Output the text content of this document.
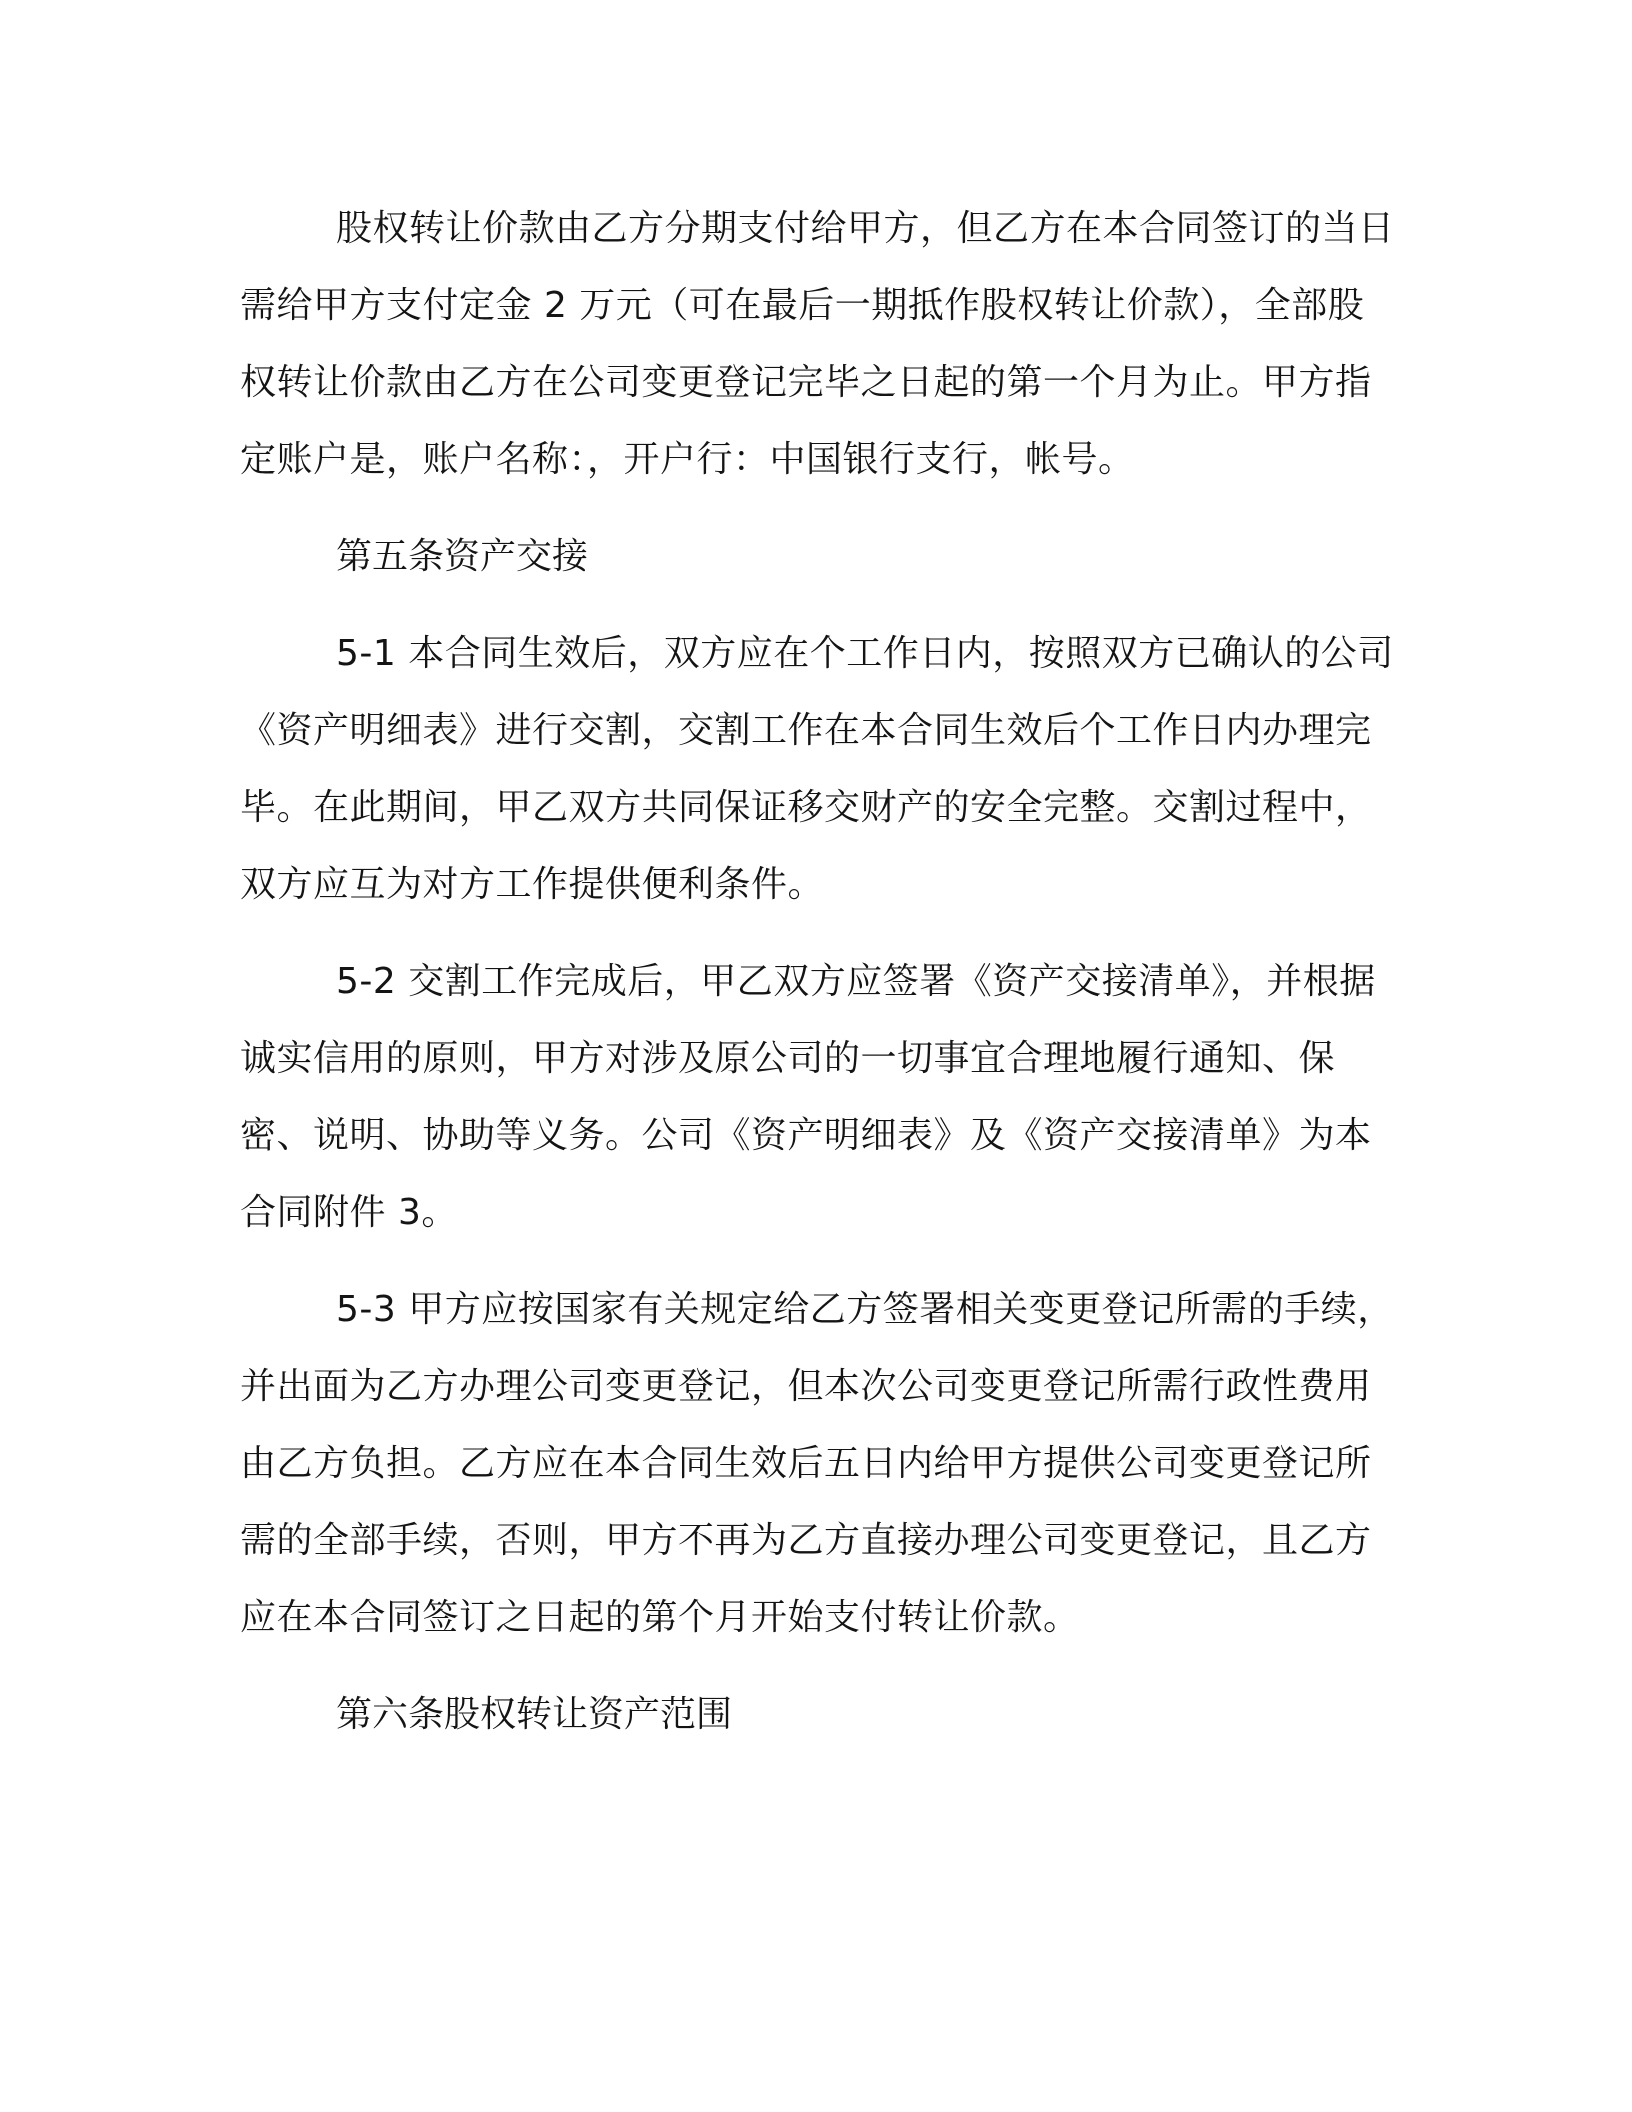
股权转让价款由乙方分期支付给甲方，但乙方在本合同签订的当日需给甲方支付定金 2 万元（可在最后一期抵作股权转让价款），全部股权转让价款由乙方在公司变更登记完毕之日起的第一个月为止。甲方指定账户是，账户名称：，开户行：中国银行支行，帐号。

第五条资产交接

5-1 本合同生效后，双方应在个工作日内，按照双方已确认的公司《资产明细表》进行交割，交割工作在本合同生效后个工作日内办理完毕。在此期间，甲乙双方共同保证移交财产的安全完整。交割过程中，双方应互为对方工作提供便利条件。

5-2 交割工作完成后，甲乙双方应签署《资产交接清单》，并根据诚实信用的原则，甲方对涉及原公司的一切事宜合理地履行通知、保密、说明、协助等义务。公司《资产明细表》及《资产交接清单》为本合同附件 3。

5-3 甲方应按国家有关规定给乙方签署相关变更登记所需的手续，并出面为乙方办理公司变更登记，但本次公司变更登记所需行政性费用由乙方负担。乙方应在本合同生效后五日内给甲方提供公司变更登记所需的全部手续，否则，甲方不再为乙方直接办理公司变更登记，且乙方应在本合同签订之日起的第个月开始支付转让价款。

第六条股权转让资产范围
